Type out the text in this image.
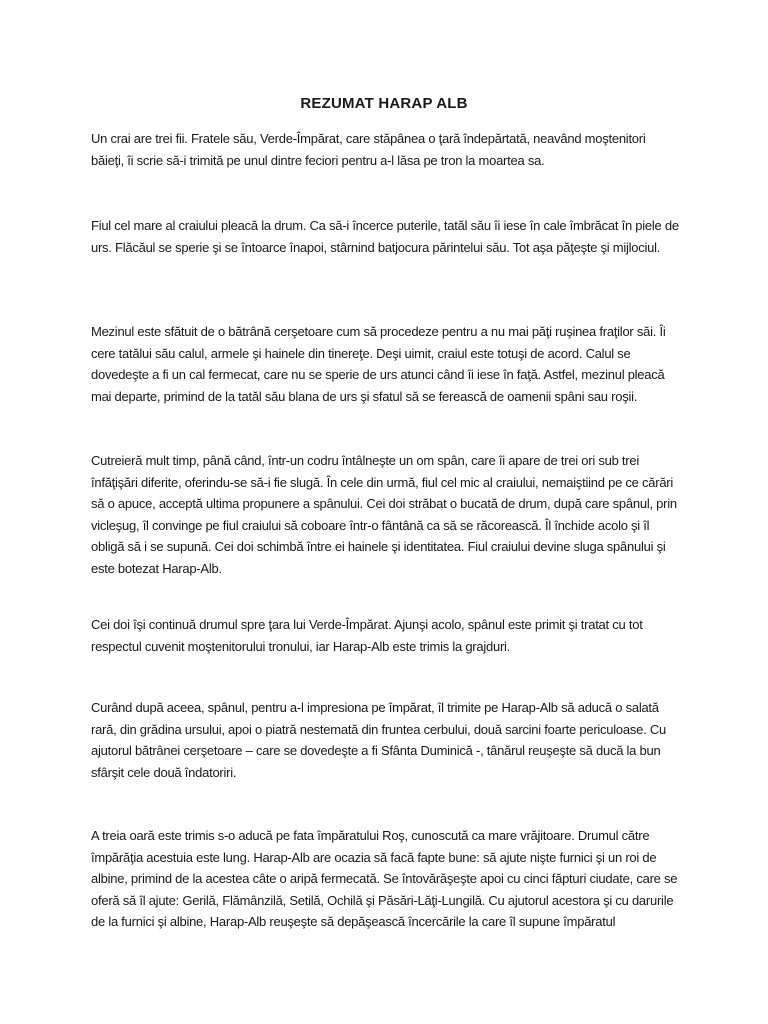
REZUMAT HARAP ALB

Un crai are trei fii. Fratele său, Verde-Împărat, care stăpânea o ţară îndepărtată, neavând moştenitori băieţi, îi scrie să-i trimită pe unul dintre feciori pentru a-l lăsa pe tron la moartea sa.

Fiul cel mare al craiului pleacă la drum. Ca să-i încerce puterile, tatăl său îi iese în cale îmbrăcat în piele de urs. Flăcăul se sperie şi se întoarce înapoi, stârnind batjocura părintelui său. Tot aşa păţeşte şi mijlociul.

Mezinul este sfătuit de o bătrână cerşetoare cum să procedeze pentru a nu mai păţi ruşinea fraţilor săi. Îi cere tatălui său calul, armele şi hainele din tinereţe. Deşi uimit, craiul este totuşi de acord. Calul se dovedeşte a fi un cal fermecat, care nu se sperie de urs atunci când îi iese în faţă. Astfel, mezinul pleacă mai departe, primind de la tatăl său blana de urs şi sfatul să se ferească de oamenii spâni sau roşii.

Cutreieră mult timp, până când, într-un codru întâlneşte un om spân, care îi apare de trei ori sub trei înfăţişări diferite, oferindu-se să-i fie slugă. În cele din urmă, fiul cel mic al craiului, nemaiştiind pe ce cărări să o apuce, acceptă ultima propunere a spânului. Cei doi străbat o bucată de drum, după care spânul, prin vicleşug, îl convinge pe fiul craiului să coboare într-o fântână ca să se răcorească. Îl închide acolo şi îl obligă să i se supună. Cei doi schimbă între ei hainele şi identitatea. Fiul craiului devine sluga spânului şi este botezat Harap-Alb.

Cei doi îşi continuă drumul spre ţara lui Verde-Împărat. Ajunşi acolo, spânul este primit şi tratat cu tot respectul cuvenit moştenitorului tronului, iar Harap-Alb este trimis la grajduri.

Curând după aceea, spânul, pentru a-l impresiona pe împărat, îl trimite pe Harap-Alb să aducă o salată rară, din grădina ursului, apoi o piatră nestemată din fruntea cerbului, două sarcini foarte periculoase. Cu ajutorul bătrânei cerşetoare – care se dovedeşte a fi Sfânta Duminică -, tânărul reuşeşte să ducă la bun sfârşit cele două îndatoriri.

A treia oară este trimis s-o aducă pe fata împăratului Roş, cunoscută ca mare vrăjitoare. Drumul către împărăţia acestuia este lung. Harap-Alb are ocazia să facă fapte bune: să ajute nişte furnici şi un roi de albine, primind de la acestea câte o aripă fermecată. Se întovărăşeşte apoi cu cinci făpturi ciudate, care se oferă să îl ajute: Gerilă, Flămânzilă, Setilă, Ochilă şi Păsări-Lăţi-Lungilă. Cu ajutorul acestora şi cu darurile de la furnici şi albine, Harap-Alb reuşeşte să depăşească încercările la care îl supune împăratul
